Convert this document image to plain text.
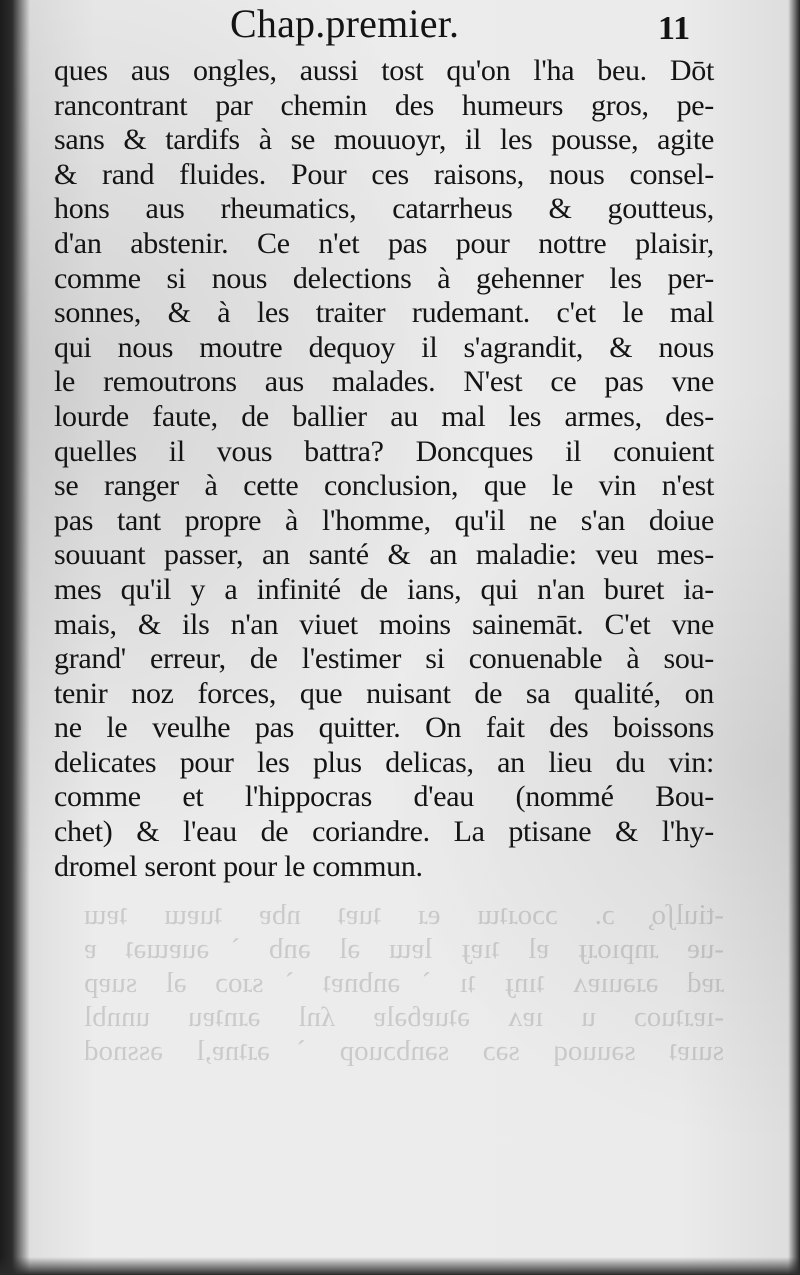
-tiulʃo̧ ɔ. ɔɔoɹʇɯ eɹ ʇuɐʇ nbɐ ʇuɐɯ ʇɐɯ
-ue ɹnpıoɹɟ ɐl ʇıɐɟ lɐɯ ǝl ǝnb ˋǝuɐɯǝʇ ɐ
ɹɐd ǝɹǝuıɐʌ ʇınɟ ʇı ˋǝnbnɐʇ ˋsɹoɔ ǝl suɐp
-ıɐɹʇuoɔ u ıɐʌ ǝʇuɐɓǝlɐ ʎnl ǝɹnʇɐu unnbl
suıɐʇ sǝuuoq sǝɔ sǝnbɔuop ˋǝɹʇnɐ,l ǝssnod
Chap.premier.	11
ques aus ongles, aussi tost qu'on l'ha beu. Dōt
rancontrant par chemin des humeurs gros, pe-
sans & tardifs à se mouuoyr, il les pousse, agite
& rand fluides. Pour ces raisons, nous consel-
hons aus rheumatics, catarrheus & goutteus,
d'an abstenir. Ce n'et pas pour nottre plaisir,
comme si nous delections à gehenner les per-
sonnes, & à les traiter rudemant. c'et le mal
qui nous moutre dequoy il s'agrandit, & nous
le remoutrons aus malades. N'est ce pas vne
lourde faute, de ballier au mal les armes, des-
quelles il vous battra? Doncques il conuient
se ranger à cette conclusion, que le vin n'est
pas tant propre à l'homme, qu'il ne s'an doiue
souuant passer, an santé & an maladie: veu mes-
mes qu'il y a infinité de ians, qui n'an buret ia-
mais, & ils n'an viuet moins sainemāt. C'et vne
grand' erreur, de l'estimer si conuenable à sou-
tenir noz forces, que nuisant de sa qualité, on
ne le veulhe pas quitter. On fait des boissons
delicates pour les plus delicas, an lieu du vin:
comme et l'hippocras d'eau (nommé Bou-
chet) & l'eau de coriandre. La ptisane & l'hy-
dromel seront pour le commun.
